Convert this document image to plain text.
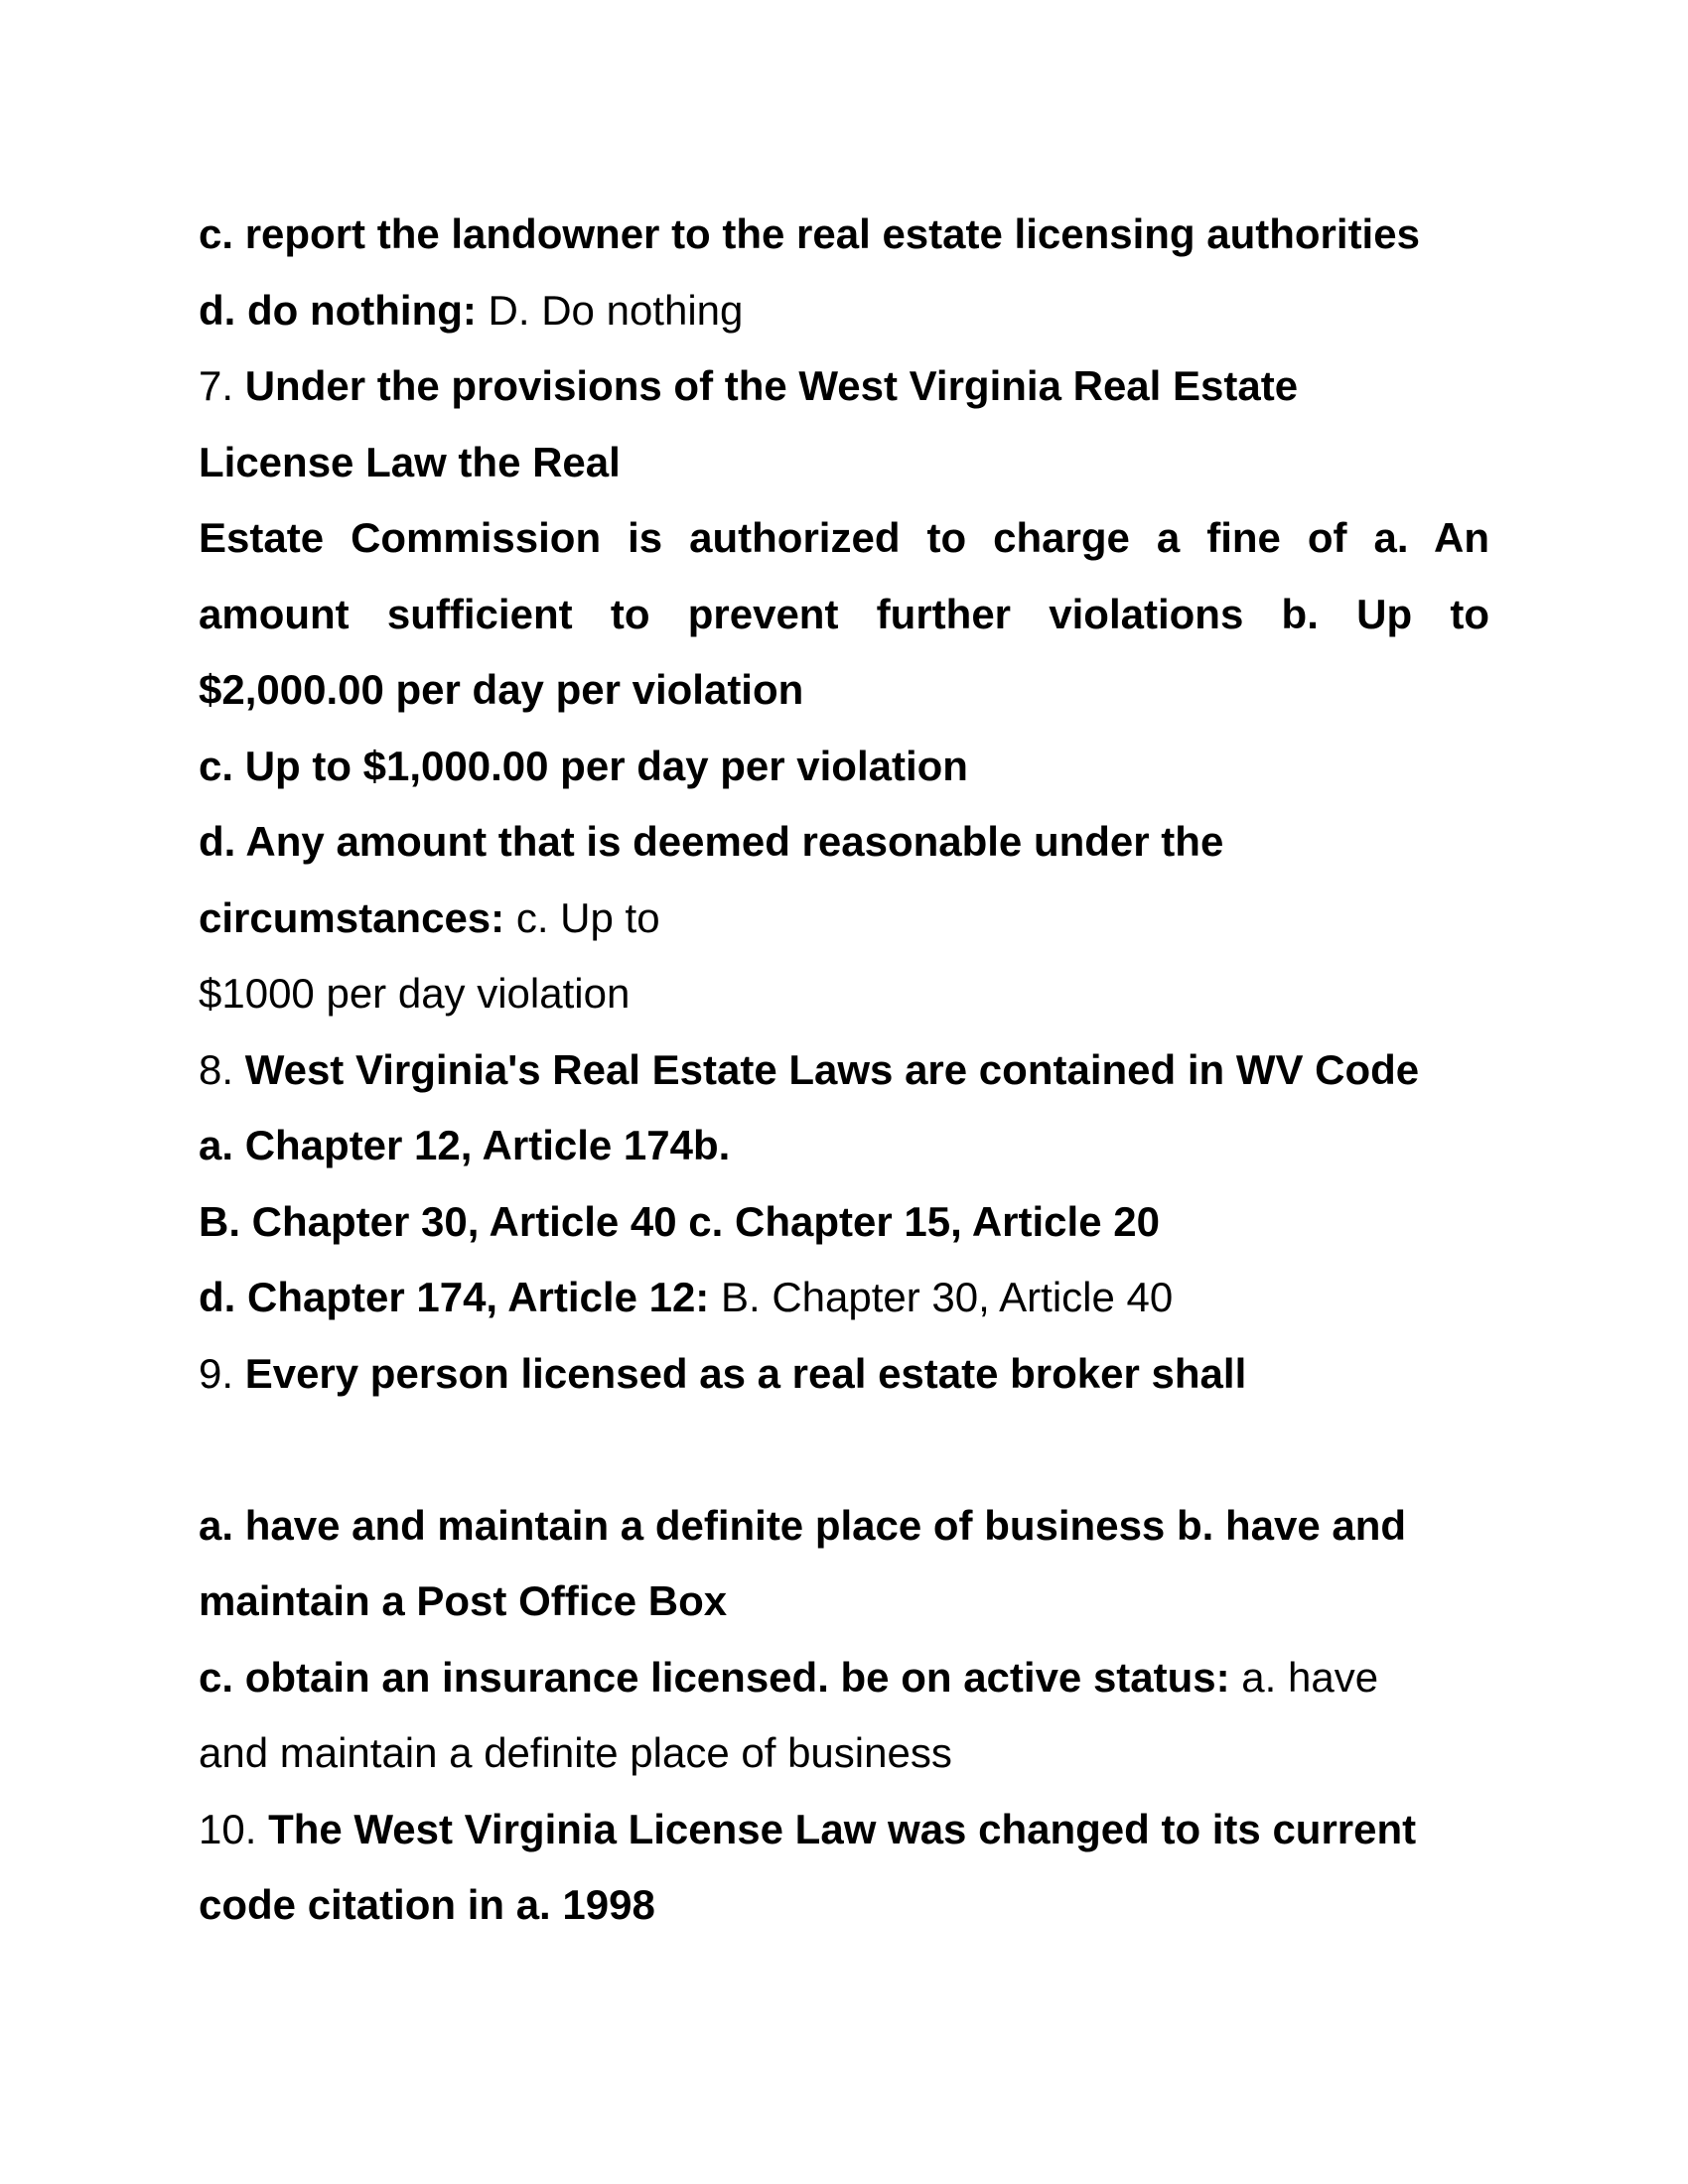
c. report the landowner to the real estate licensing authorities
d. do nothing: D. Do nothing
7. Under the provisions of the West Virginia Real Estate
License Law the Real
Estate Commission is authorized to charge a fine of a. An
amount sufficient to prevent further violations b. Up to
$2,000.00 per day per violation
c. Up to $1,000.00 per day per violation
d. Any amount that is deemed reasonable under the
circumstances: c. Up to
$1000 per day violation
8. West Virginia's Real Estate Laws are contained in WV Code
a. Chapter 12, Article 174b.
B. Chapter 30, Article 40 c. Chapter 15, Article 20
d. Chapter 174, Article 12: B. Chapter 30, Article 40
9. Every person licensed as a real estate broker shall
a. have and maintain a definite place of business b. have and
maintain a Post Office Box
c. obtain an insurance licensed. be on active status: a. have
and maintain a definite place of business
10. The West Virginia License Law was changed to its current
code citation in a. 1998
